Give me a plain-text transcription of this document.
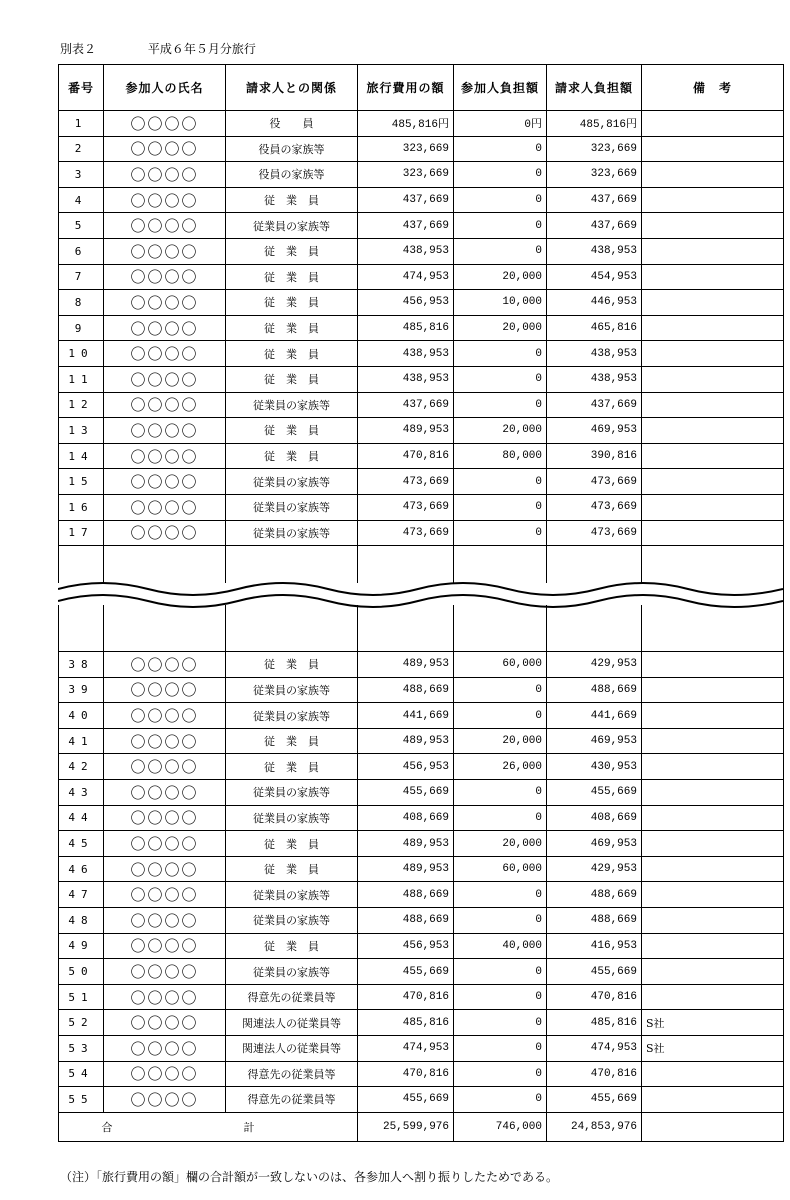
別表２	平成６年５月分旅行
番号	参加人の氏名	請求人との関係	旅行費用の額	参加人負担額	請求人負担額	備　考
1	〇〇〇〇	役　　員	485,816円	0円	485,816円	
2	〇〇〇〇	役員の家族等	323,669	0	323,669	
3	〇〇〇〇	役員の家族等	323,669	0	323,669	
4	〇〇〇〇	従　業　員	437,669	0	437,669	
5	〇〇〇〇	従業員の家族等	437,669	0	437,669	
6	〇〇〇〇	従　業　員	438,953	0	438,953	
7	〇〇〇〇	従　業　員	474,953	20,000	454,953	
8	〇〇〇〇	従　業　員	456,953	10,000	446,953	
9	〇〇〇〇	従　業　員	485,816	20,000	465,816	
10	〇〇〇〇	従　業　員	438,953	0	438,953	
11	〇〇〇〇	従　業　員	438,953	0	438,953	
12	〇〇〇〇	従業員の家族等	437,669	0	437,669	
13	〇〇〇〇	従　業　員	489,953	20,000	469,953	
14	〇〇〇〇	従　業　員	470,816	80,000	390,816	
15	〇〇〇〇	従業員の家族等	473,669	0	473,669	
16	〇〇〇〇	従業員の家族等	473,669	0	473,669	
17	〇〇〇〇	従業員の家族等	473,669	0	473,669	

38	〇〇〇〇	従　業　員	489,953	60,000	429,953	
39	〇〇〇〇	従業員の家族等	488,669	0	488,669	
40	〇〇〇〇	従業員の家族等	441,669	0	441,669	
41	〇〇〇〇	従　業　員	489,953	20,000	469,953	
42	〇〇〇〇	従　業　員	456,953	26,000	430,953	
43	〇〇〇〇	従業員の家族等	455,669	0	455,669	
44	〇〇〇〇	従業員の家族等	408,669	0	408,669	
45	〇〇〇〇	従　業　員	489,953	20,000	469,953	
46	〇〇〇〇	従　業　員	489,953	60,000	429,953	
47	〇〇〇〇	従業員の家族等	488,669	0	488,669	
48	〇〇〇〇	従業員の家族等	488,669	0	488,669	
49	〇〇〇〇	従　業　員	456,953	40,000	416,953	
50	〇〇〇〇	従業員の家族等	455,669	0	455,669	
51	〇〇〇〇	得意先の従業員等	470,816	0	470,816	
52	〇〇〇〇	関連法人の従業員等	485,816	0	485,816	S社
53	〇〇〇〇	関連法人の従業員等	474,953	0	474,953	S社
54	〇〇〇〇	得意先の従業員等	470,816	0	470,816	
55	〇〇〇〇	得意先の従業員等	455,669	0	455,669	
合　計			25,599,976	746,000	24,853,976	
（注）「旅行費用の額」欄の合計額が一致しないのは、各参加人へ割り振りしたためである。
